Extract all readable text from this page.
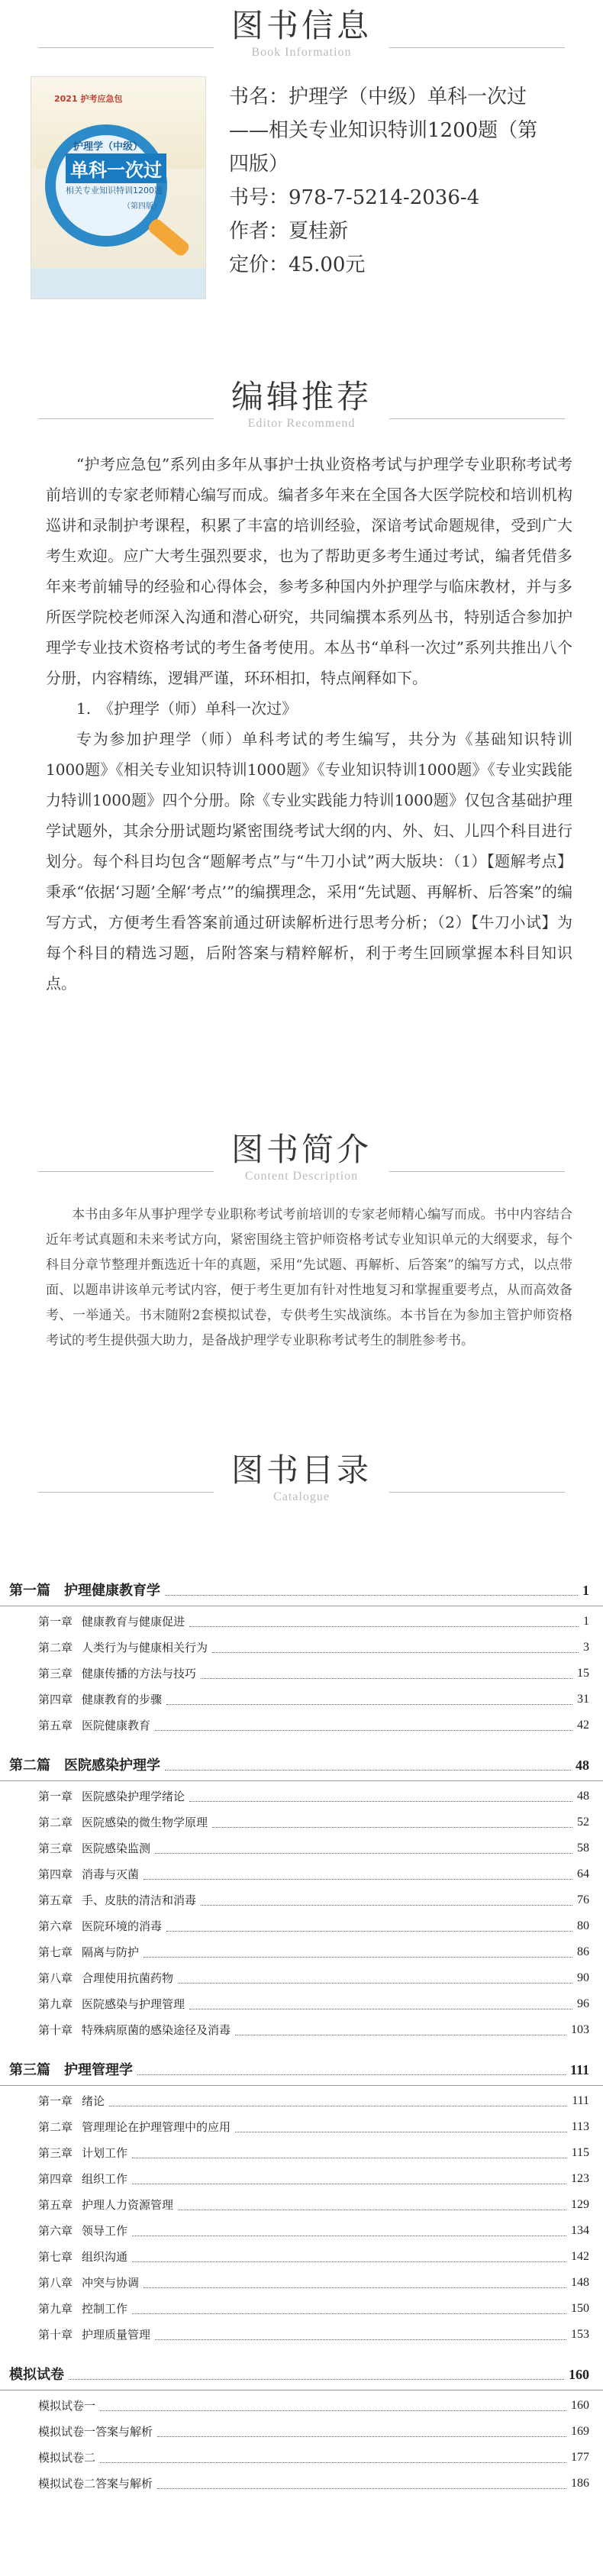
图书信息
Book Information
2021 护考应急包
护理学（中级）
单科一次过
相关专业知识特训1200题
（第四版）
书名：护理学（中级）单科一次过
——相关专业知识特训1200题（第
四版）
书号：978-7-5214-2036-4
作者：夏桂新
定价：45.00元
编辑推荐
Editor Recommend

“护考应急包”系列由多年从事护士执业资格考试与护理学专业职称考试考前培训的专家老师精心编写而成。编者多年来在全国各大医学院校和培训机构巡讲和录制护考课程，积累了丰富的培训经验，深谙考试命题规律，受到广大考生欢迎。应广大考生强烈要求，也为了帮助更多考生通过考试，编者凭借多年来考前辅导的经验和心得体会，参考多种国内外护理学与临床教材，并与多所医学院校老师深入沟通和潜心研究，共同编撰本系列丛书，特别适合参加护理学专业技术资格考试的考生备考使用。本丛书“单科一次过”系列共推出八个分册，内容精练，逻辑严谨，环环相扣，特点阐释如下。

1.　《护理学（师）单科一次过》

专为参加护理学（师）单科考试的考生编写，共分为《基础知识特训1000题》《相关专业知识特训1000题》《专业知识特训1000题》《专业实践能力特训1000题》四个分册。除《专业实践能力特训1000题》仅包含基础护理学试题外，其余分册试题均紧密围绕考试大纲的内、外、妇、儿四个科目进行划分。每个科目均包含“题解考点”与“牛刀小试”两大版块：（1）【题解考点】秉承“依据‘习题’全解‘考点’”的编撰理念，采用“先试题、再解析、后答案”的编写方式，方便考生看答案前通过研读解析进行思考分析；（2）【牛刀小试】为每个科目的精选习题，后附答案与精粹解析，利于考生回顾掌握本科目知识点。

图书简介
Content Description

本书由多年从事护理学专业职称考试考前培训的专家老师精心编写而成。书中内容结合近年考试真题和未来考试方向，紧密围绕主管护师资格考试专业知识单元的大纲要求，每个科目分章节整理并甄选近十年的真题，采用“先试题、再解析、后答案”的编写方式，以点带面、以题串讲该单元考试内容，便于考生更加有针对性地复习和掌握重要考点，从而高效备考、一举通关。书末随附2套模拟试卷，专供考生实战演练。本书旨在为参加主管护师资格考试的考生提供强大助力，是备战护理学专业职称考试考生的制胜参考书。

图书目录
Catalogue
第一篇　护理健康教育学	1
第一章 健康教育与健康促进	1
第二章 人类行为与健康相关行为	3
第三章 健康传播的方法与技巧	15
第四章 健康教育的步骤	31
第五章 医院健康教育	42
第二篇　医院感染护理学	48
第一章 医院感染护理学绪论	48
第二章 医院感染的微生物学原理	52
第三章 医院感染监测	58
第四章 消毒与灭菌	64
第五章 手、皮肤的清洁和消毒	76
第六章 医院环境的消毒	80
第七章 隔离与防护	86
第八章 合理使用抗菌药物	90
第九章 医院感染与护理管理	96
第十章 特殊病原菌的感染途径及消毒	103
第三篇　护理管理学	111
第一章 绪论	111
第二章 管理理论在护理管理中的应用	113
第三章 计划工作	115
第四章 组织工作	123
第五章 护理人力资源管理	129
第六章 领导工作	134
第七章 组织沟通	142
第八章 冲突与协调	148
第九章 控制工作	150
第十章 护理质量管理	153
模拟试卷	160
模拟试卷一	160
模拟试卷一答案与解析	169
模拟试卷二	177
模拟试卷二答案与解析	186
